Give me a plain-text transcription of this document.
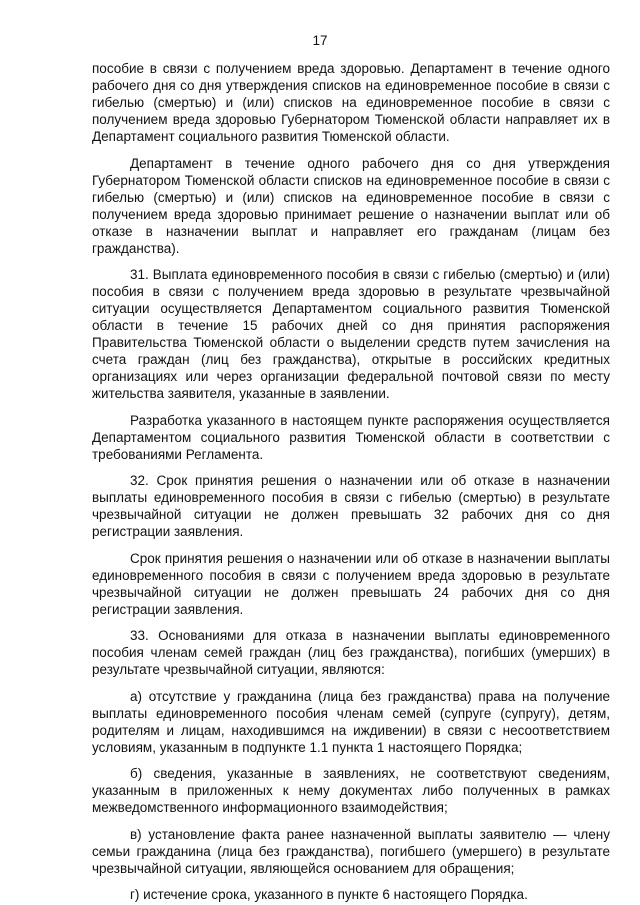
17

пособие в связи с получением вреда здоровью. Департамент в течение одного рабочего дня со дня утверждения списков на единовременное пособие в связи с гибелью (смертью) и (или) списков на единовременное пособие в связи с получением вреда здоровью Губернатором Тюменской области направляет их в Департамент социального развития Тюменской области.

Департамент в течение одного рабочего дня со дня утверждения Губернатором Тюменской области списков на единовременное пособие в связи с гибелью (смертью) и (или) списков на единовременное пособие в связи с получением вреда здоровью принимает решение о назначении выплат или об отказе в назначении выплат и направляет его гражданам (лицам без гражданства).

31. Выплата единовременного пособия в связи с гибелью (смертью) и (или) пособия в связи с получением вреда здоровью в результате чрезвычайной ситуации осуществляется Департаментом социального развития Тюменской области в течение 15 рабочих дней со дня принятия распоряжения Правительства Тюменской области о выделении средств путем зачисления на счета граждан (лиц без гражданства), открытые в российских кредитных организациях или через организации федеральной почтовой связи по месту жительства заявителя, указанные в заявлении.

Разработка указанного в настоящем пункте распоряжения осуществляется Департаментом социального развития Тюменской области в соответствии с требованиями Регламента.

32. Срок принятия решения о назначении или об отказе в назначении выплаты единовременного пособия в связи с гибелью (смертью) в результате чрезвычайной ситуации не должен превышать 32 рабочих дня со дня регистрации заявления.

Срок принятия решения о назначении или об отказе в назначении выплаты единовременного пособия в связи с получением вреда здоровью в результате чрезвычайной ситуации не должен превышать 24 рабочих дня со дня регистрации заявления.

33. Основаниями для отказа в назначении выплаты единовременного пособия членам семей граждан (лиц без гражданства), погибших (умерших) в результате чрезвычайной ситуации, являются:

а) отсутствие у гражданина (лица без гражданства) права на получение выплаты единовременного пособия членам семей (супруге (супругу), детям, родителям и лицам, находившимся на иждивении) в связи с несоответствием условиям, указанным в подпункте 1.1 пункта 1 настоящего Порядка;

б) сведения, указанные в заявлениях, не соответствуют сведениям, указанным в приложенных к нему документах либо полученных в рамках межведомственного информационного взаимодействия;

в) установление факта ранее назначенной выплаты заявителю — члену семьи гражданина (лица без гражданства), погибшего (умершего) в результате чрезвычайной ситуации, являющейся основанием для обращения;

г) истечение срока, указанного в пункте 6 настоящего Порядка.
